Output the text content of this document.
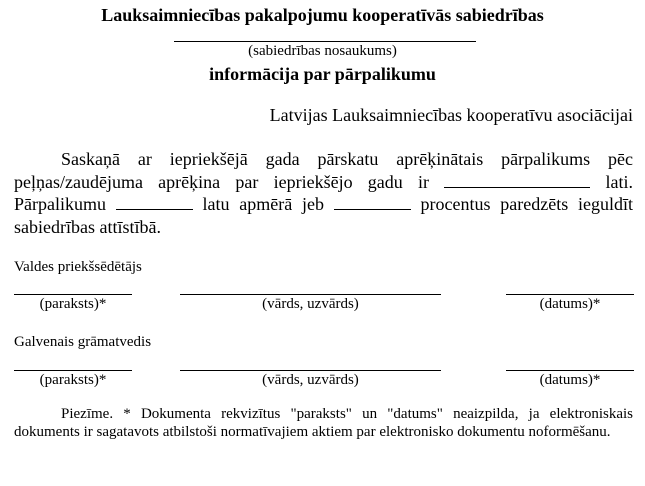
Lauksaimniecības pakalpojumu kooperatīvās sabiedrības
(sabiedrības nosaukums)
informācija par pārpalikumu
Latvijas Lauksaimniecības kooperatīvu asociācijai
Saskaņā ar iepriekšējā gada pārskatu aprēķinātais pārpalikums pēc peļņas/zaudējuma aprēķina par iepriekšējo gadu ir	lati. Pārpalikumu	latu apmērā jeb	procentus paredzēts ieguldīt sabiedrības attīstībā.
Valdes priekšsēdētājs
(paraksts)*	(vārds, uzvārds)	(datums)*
Galvenais grāmatvedis
(paraksts)*	(vārds, uzvārds)	(datums)*
Piezīme. * Dokumenta rekvizītus "paraksts" un "datums" neaizpilda, ja elektroniskais dokuments ir sagatavots atbilstoši normatīvajiem aktiem par elektronisko dokumentu noformēšanu.
